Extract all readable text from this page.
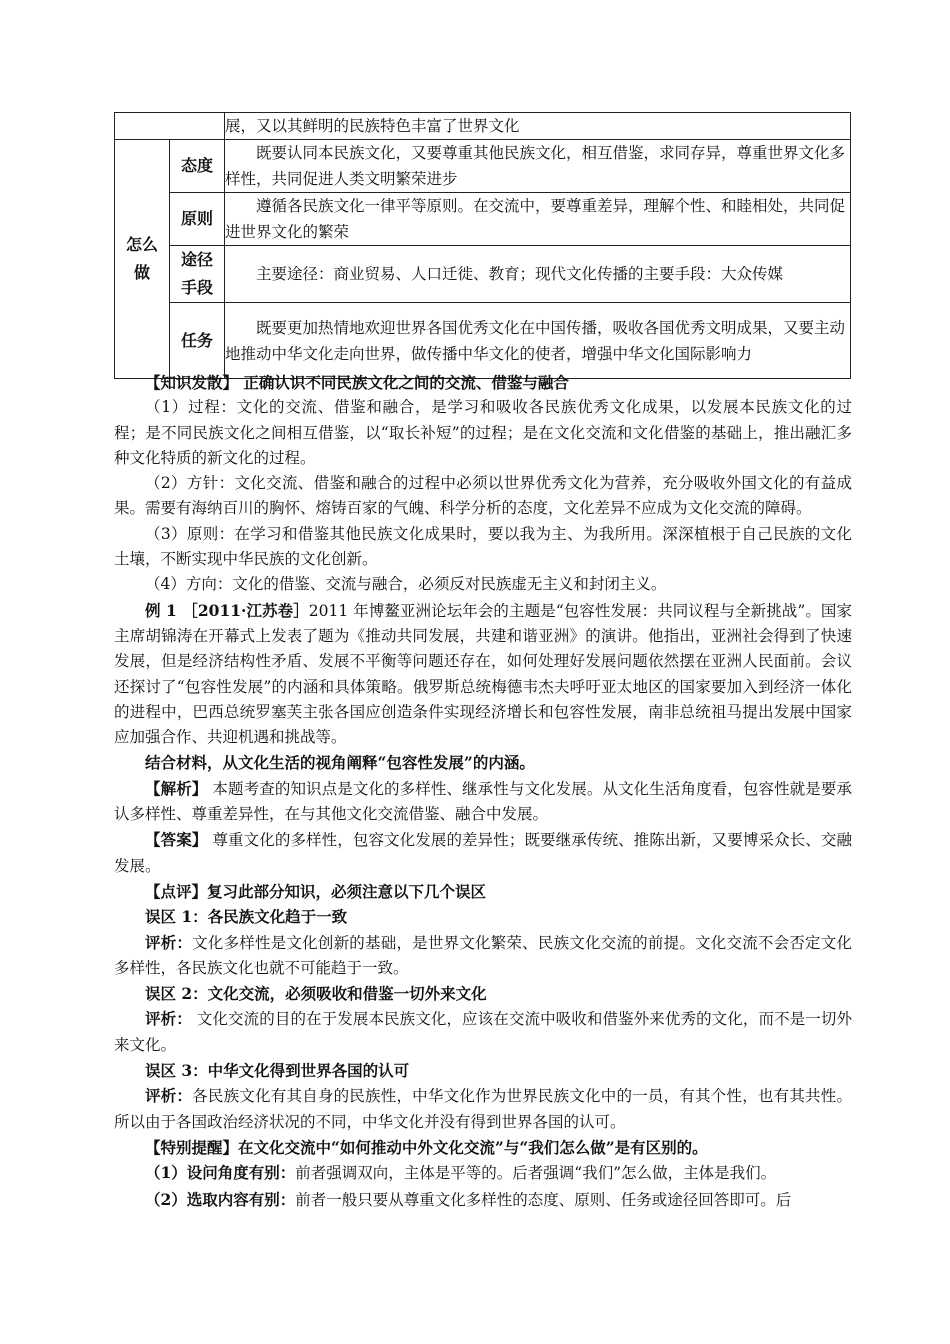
		展，又以其鲜明的民族特色丰富了世界文化

怎么做	态度	既要认同本民族文化，又要尊重其他民族文化，相互借鉴，求同存异，尊重世界文化多样性，共同促进人类文明繁荣进步

	原则	遵循各民族文化一律平等原则。在交流中，要尊重差异，理解个性、和睦相处，共同促进世界文化的繁荣

	途径手段	主要途径：商业贸易、人口迁徙、教育；现代文化传播的主要手段：大众传媒

	任务	既要更加热情地欢迎世界各国优秀文化在中国传播，吸收各国优秀文明成果，又要主动地推动中华文化走向世界，做传播中华文化的使者，增强中华文化国际影响力

【知识发散】 正确认识不同民族文化之间的交流、借鉴与融合

（1）过程：文化的交流、借鉴和融合，是学习和吸收各民族优秀文化成果，以发展本民族文化的过程；是不同民族文化之间相互借鉴，以“取长补短”的过程；是在文化交流和文化借鉴的基础上，推出融汇多种文化特质的新文化的过程。

（2）方针：文化交流、借鉴和融合的过程中必须以世界优秀文化为营养，充分吸收外国文化的有益成果。需要有海纳百川的胸怀、熔铸百家的气魄、科学分析的态度，文化差异不应成为文化交流的障碍。

（3）原则：在学习和借鉴其他民族文化成果时，要以我为主、为我所用。深深植根于自己民族的文化土壤，不断实现中华民族的文化创新。

（4）方向：文化的借鉴、交流与融合，必须反对民族虚无主义和封闭主义。

例 1 ［2011·江苏卷］2011 年博鳌亚洲论坛年会的主题是“包容性发展：共同议程与全新挑战”。国家主席胡锦涛在开幕式上发表了题为《推动共同发展，共建和谐亚洲》的演讲。他指出，亚洲社会得到了快速发展，但是经济结构性矛盾、发展不平衡等问题还存在，如何处理好发展问题依然摆在亚洲人民面前。会议还探讨了“包容性发展”的内涵和具体策略。俄罗斯总统梅德韦杰夫呼吁亚太地区的国家要加入到经济一体化的进程中，巴西总统罗塞芙主张各国应创造条件实现经济增长和包容性发展，南非总统祖马提出发展中国家应加强合作、共迎机遇和挑战等。

结合材料，从文化生活的视角阐释“包容性发展”的内涵。

【解析】 本题考查的知识点是文化的多样性、继承性与文化发展。从文化生活角度看，包容性就是要承认多样性、尊重差异性，在与其他文化交流借鉴、融合中发展。

【答案】 尊重文化的多样性，包容文化发展的差异性；既要继承传统、推陈出新，又要博采众长、交融发展。

【点评】复习此部分知识，必须注意以下几个误区

误区 1：各民族文化趋于一致

评析：文化多样性是文化创新的基础，是世界文化繁荣、民族文化交流的前提。文化交流不会否定文化多样性，各民族文化也就不可能趋于一致。

误区 2：文化交流，必须吸收和借鉴一切外来文化

评析： 文化交流的目的在于发展本民族文化，应该在交流中吸收和借鉴外来优秀的文化，而不是一切外来文化。

误区 3：中华文化得到世界各国的认可

评析：各民族文化有其自身的民族性，中华文化作为世界民族文化中的一员，有其个性，也有其共性。所以由于各国政治经济状况的不同，中华文化并没有得到世界各国的认可。

【特别提醒】在文化交流中“如何推动中外文化交流”与“我们怎么做”是有区别的。

（1）设问角度有别：前者强调双向，主体是平等的。后者强调“我们”怎么做，主体是我们。

（2）选取内容有别：前者一般只要从尊重文化多样性的态度、原则、任务或途径回答即可。后
